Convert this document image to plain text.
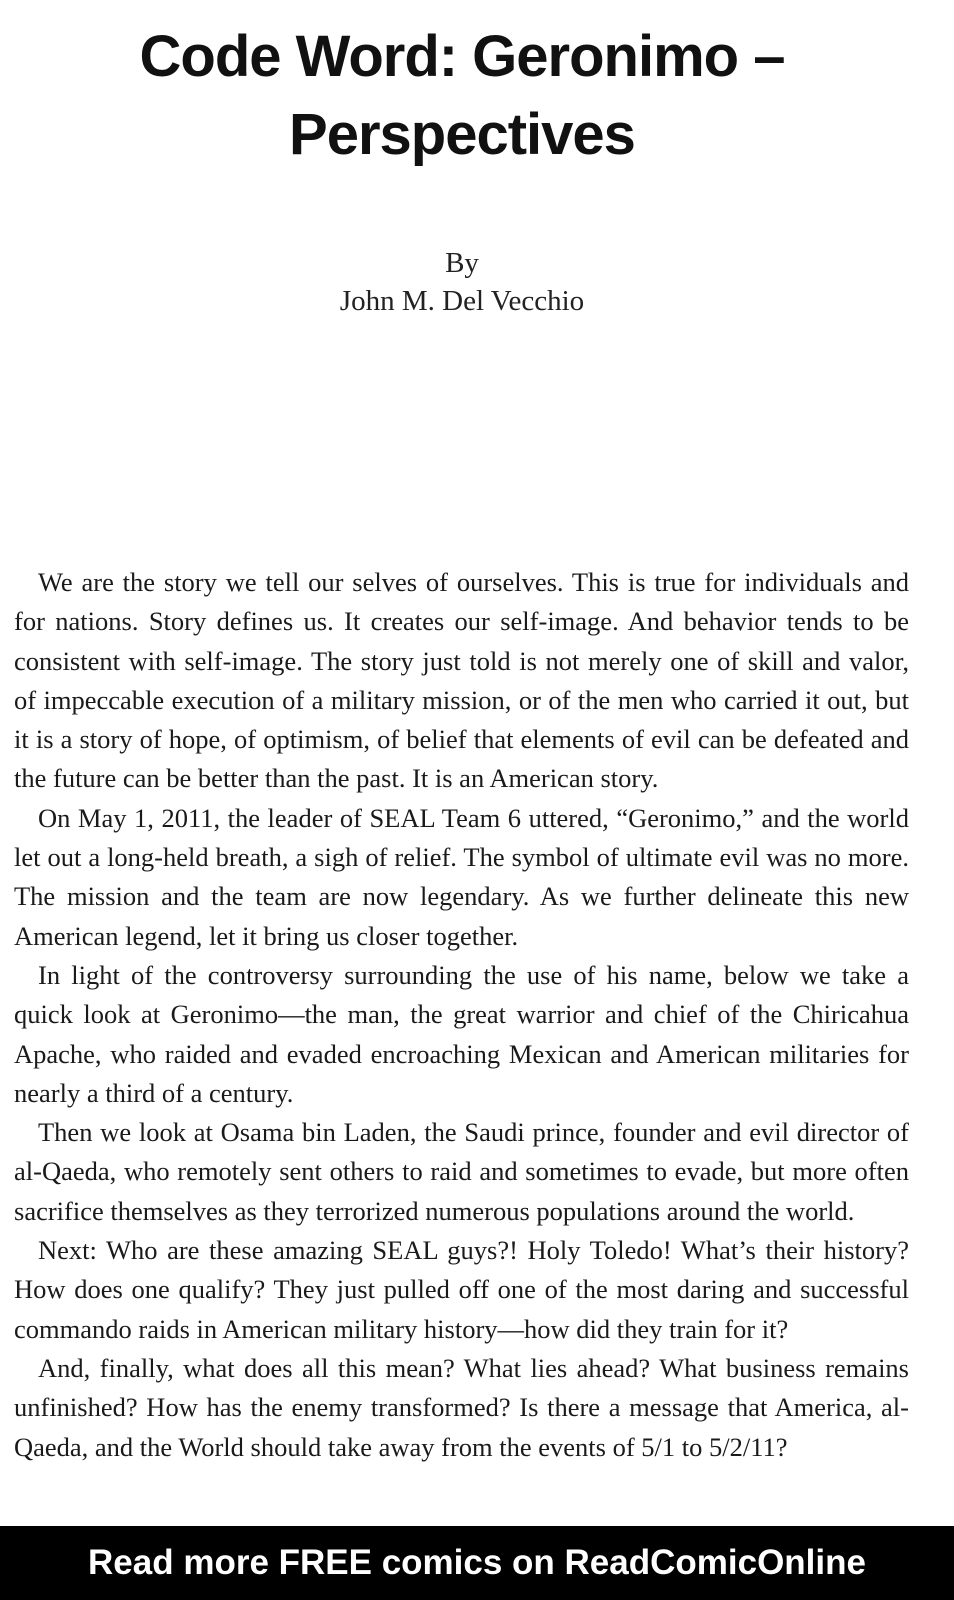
Code Word: Geronimo –
Perspectives
By
John M. Del Vecchio

We are the story we tell our selves of ourselves. This is true for individuals and for nations. Story defines us. It creates our self-image. And behavior tends to be consistent with self-image. The story just told is not merely one of skill and valor, of impeccable execution of a military mission, or of the men who carried it out, but it is a story of hope, of optimism, of belief that elements of evil can be defeated and the future can be better than the past. It is an American story.

On May 1, 2011, the leader of SEAL Team 6 uttered, “Geronimo,” and the world let out a long-held breath, a sigh of relief. The symbol of ultimate evil was no more. The mission and the team are now legendary. As we further delineate this new American legend, let it bring us closer together.

In light of the controversy surrounding the use of his name, below we take a quick look at Geronimo—the man, the great warrior and chief of the Chiricahua Apache, who raided and evaded encroaching Mexican and American militaries for nearly a third of a century.

Then we look at Osama bin Laden, the Saudi prince, founder and evil director of al-Qaeda, who remotely sent others to raid and sometimes to evade, but more often sacrifice themselves as they terrorized numerous populations around the world.

Next: Who are these amazing SEAL guys?! Holy Toledo! What’s their history? How does one qualify? They just pulled off one of the most daring and successful commando raids in American military history—how did they train for it?

And, finally, what does all this mean? What lies ahead? What business remains unfinished? How has the enemy transformed? Is there a message that America, al-Qaeda, and the World should take away from the events of 5/1 to 5/2/11?

Read more FREE comics on ReadComicOnline
